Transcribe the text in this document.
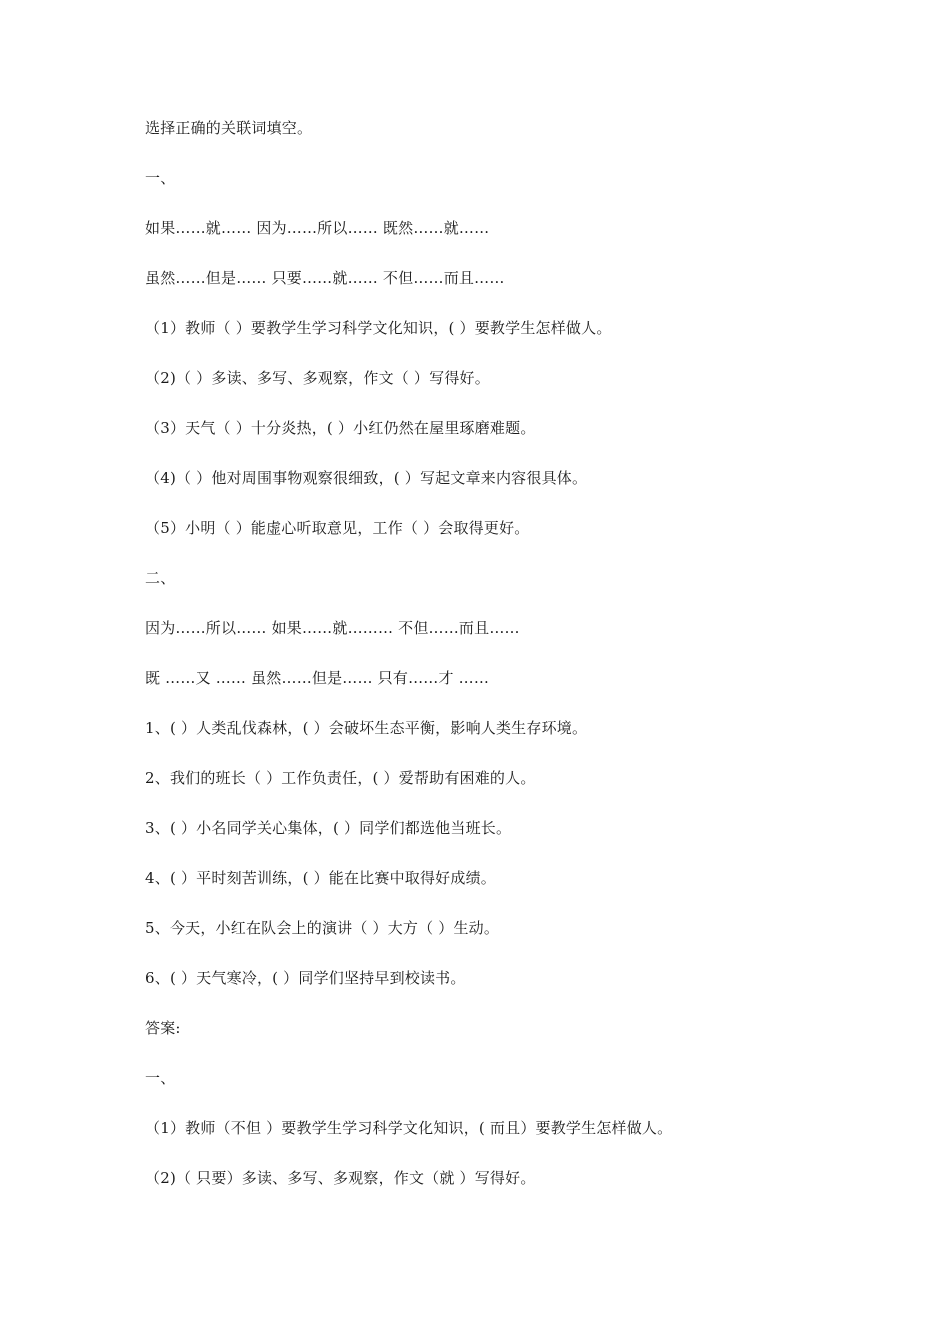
选择正确的关联词填空。
一、
如果……就…… 因为……所以…… 既然……就……
虽然……但是…… 只要……就…… 不但……而且……
（1）教师（ ）要教学生学习科学文化知识，( ）要教学生怎样做人。
（2)（ ）多读、多写、多观察，作文（ ）写得好。
（3）天气（ ）十分炎热，( ）小红仍然在屋里琢磨难题。
（4)（ ）他对周围事物观察很细致，( ）写起文章来内容很具体。
（5）小明（ ）能虚心听取意见，工作（ ）会取得更好。
二、
因为……所以…… 如果……就……… 不但……而且……
既 ……又 …… 虽然……但是…… 只有……才 ……
1、( ）人类乱伐森林，( ）会破坏生态平衡，影响人类生存环境。
2、我们的班长（ ）工作负责任，( ）爱帮助有困难的人。
3、( ）小名同学关心集体，( ）同学们都选他当班长。
4、( ）平时刻苦训练，( ）能在比赛中取得好成绩。
5、今天，小红在队会上的演讲（ ）大方（ ）生动。
6、( ）天气寒冷，( ）同学们坚持早到校读书。
答案:
一、
（1）教师（不但 ）要教学生学习科学文化知识，( 而且）要教学生怎样做人。
（2)（ 只要）多读、多写、多观察，作文（就 ）写得好。
